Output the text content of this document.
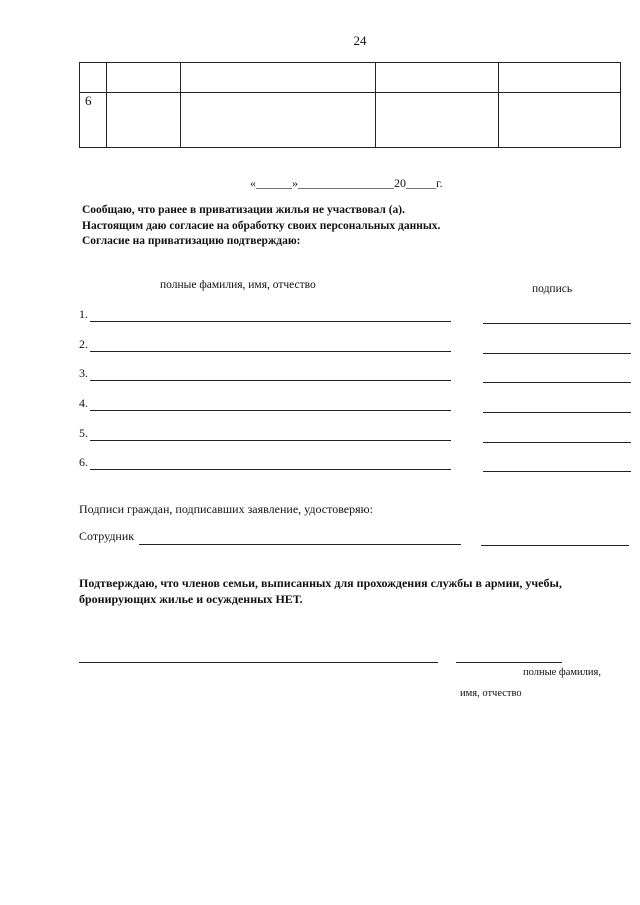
24
6
«______»________________20_____г.
Сообщаю, что ранее в приватизации жилья не участвовал (а).
Настоящим даю согласие на обработку своих персональных данных.
Согласие на приватизацию подтверждаю:
полные фамилия, имя, отчество	подпись
1.
2.
3.
4.
5.
6.
Подписи граждан, подписавших заявление, удостоверяю:
Сотрудник
Подтверждаю, что членов семьи, выписанных для прохождения службы в армии, учебы,
бронирующих жилье и осужденных НЕТ.
полные фамилия,
имя, отчество
